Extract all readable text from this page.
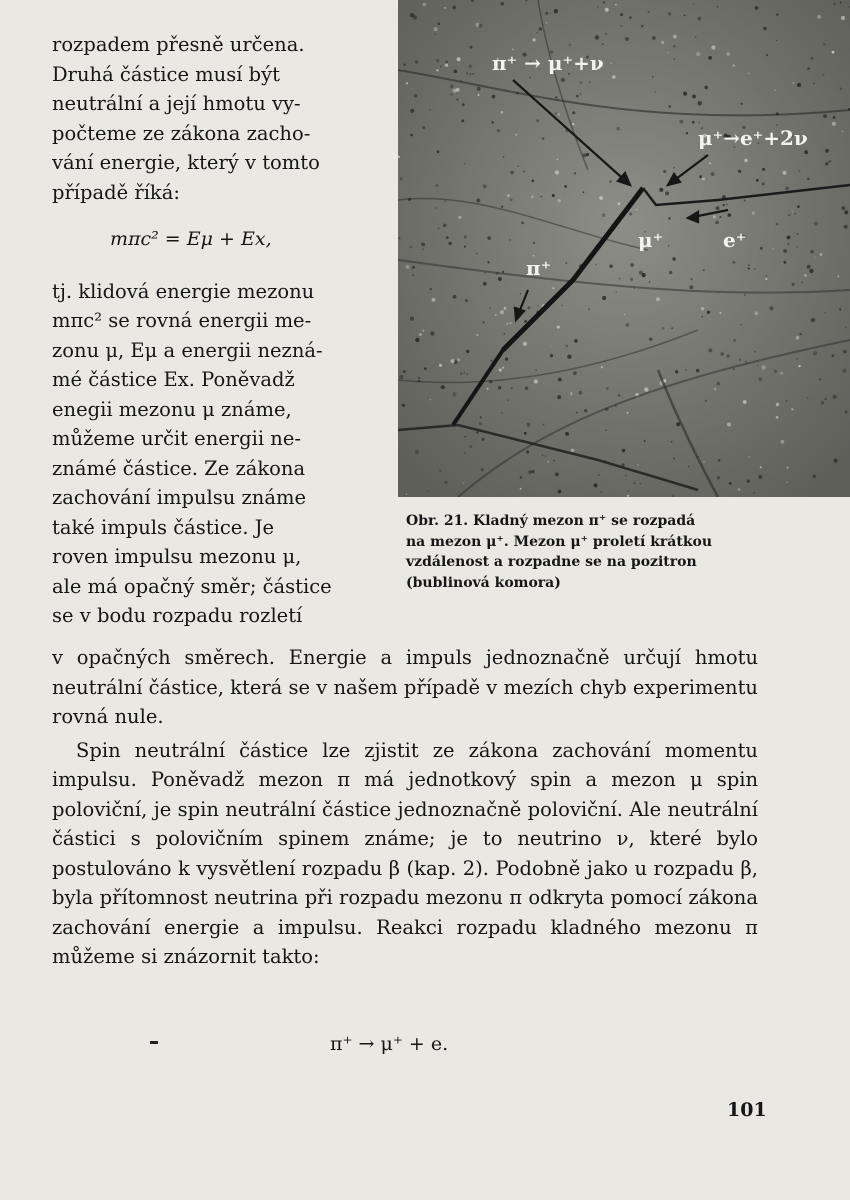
rozpadem přesně určena.

Druhá částice musí být

neutrální a její hmotu vy-

počteme ze zákona zacho-

vání energie, který v tomto

případě říká:

mπc² = Eμ + Ex,

tj. klidová energie mezonu

mπc² se rovná energii me-

zonu μ, Eμ a energii nezná-

mé částice Ex. Poněvadž

enegii mezonu μ známe,

můžeme určit energii ne-

známé částice. Ze zákona

zachování impulsu známe

také impuls částice. Je

roven impulsu mezonu μ,

ale má opačný směr; částice

se v bodu rozpadu rozletí

π⁺ → μ⁺+ν
μ⁺→e⁺+2ν
μ⁺	e⁺
π⁺
Obr. 21. Kladný mezon π⁺ se rozpadá
na mezon μ⁺. Mezon μ⁺ proletí krátkou
vzdálenost a rozpadne se na pozitron
(bublinová komora)

v opačných směrech. Energie a impuls jednoznačně určují hmotu neutrální částice, která se v našem případě v mezích chyb experimentu rovná nule.

Spin neutrální částice lze zjistit ze zákona zachování momentu impulsu. Poněvadž mezon π má jednotkový spin a mezon μ spin poloviční, je spin neutrální částice jednoznačně poloviční. Ale neutrální částici s polovičním spinem známe; je to neutrino ν, které bylo postulováno k vysvětlení rozpadu β (kap. 2). Podobně jako u rozpadu β, byla přítomnost neutrina při rozpadu mezonu π odkryta pomocí zákona zachování energie a impulsu. Reakci rozpadu kladného mezonu π můžeme si znázornit takto:

π⁺ → μ⁺ + e.
101
